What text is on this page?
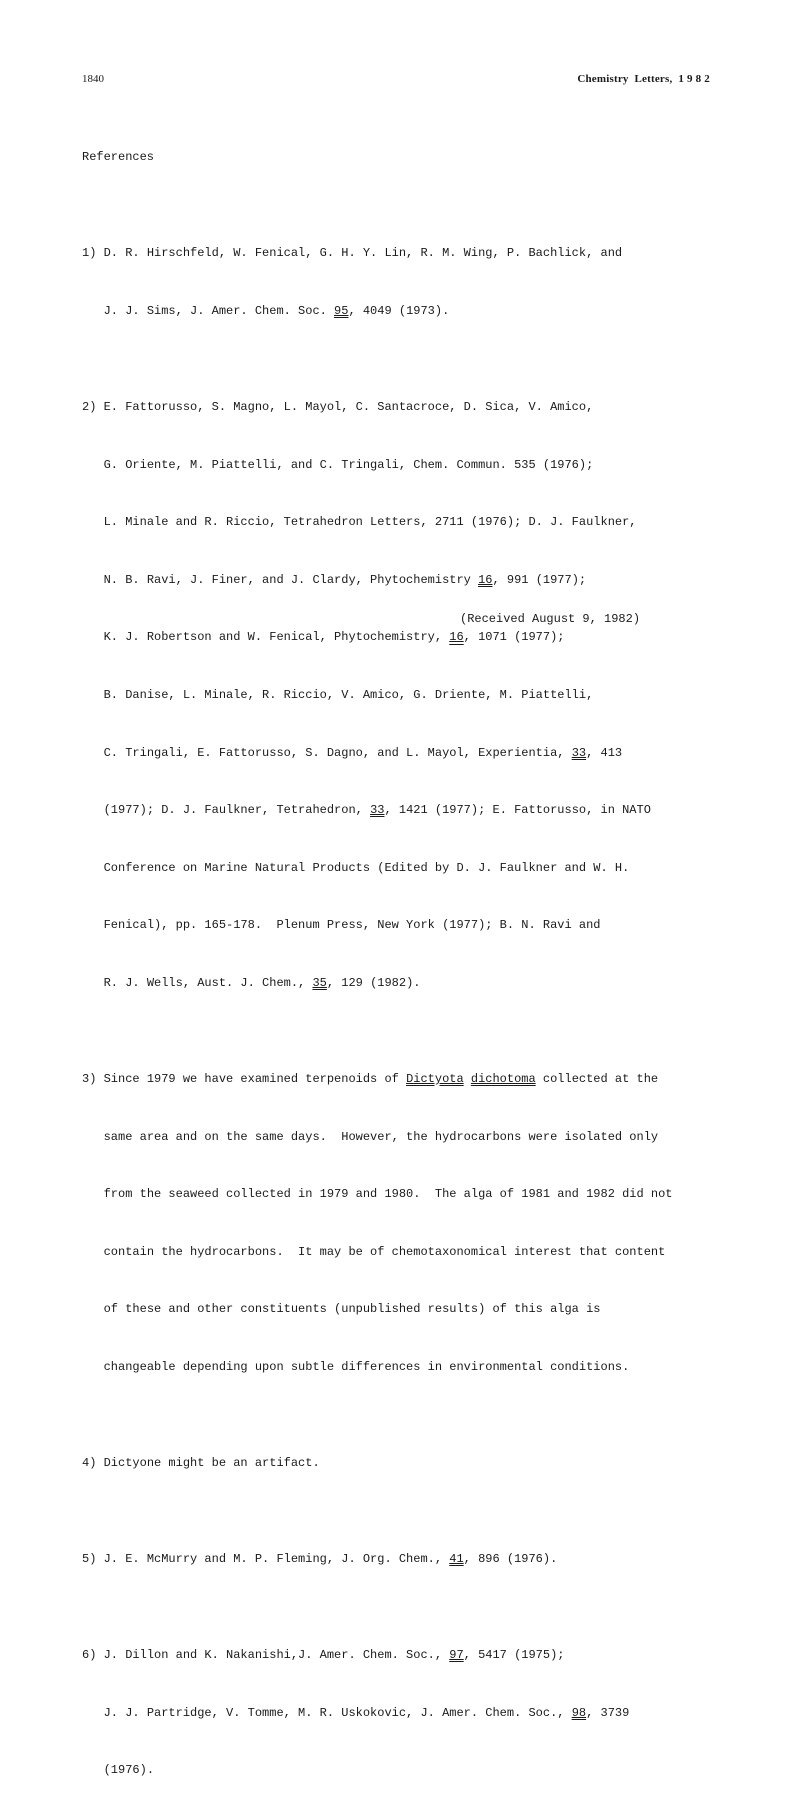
1840	Chemistry  Letters,  1 9 8 2

References

1) D. R. Hirschfeld, W. Fenical, G. H. Y. Lin, R. M. Wing, P. Bachlick, and

J. J. Sims, J. Amer. Chem. Soc. 95, 4049 (1973).

2) E. Fattorusso, S. Magno, L. Mayol, C. Santacroce, D. Sica, V. Amico,

G. Oriente, M. Piattelli, and C. Tringali, Chem. Commun. 535 (1976);

L. Minale and R. Riccio, Tetrahedron Letters, 2711 (1976); D. J. Faulkner,

N. B. Ravi, J. Finer, and J. Clardy, Phytochemistry 16, 991 (1977);

K. J. Robertson and W. Fenical, Phytochemistry, 16, 1071 (1977);

B. Danise, L. Minale, R. Riccio, V. Amico, G. Driente, M. Piattelli,

C. Tringali, E. Fattorusso, S. Dagno, and L. Mayol, Experientia, 33, 413

(1977); D. J. Faulkner, Tetrahedron, 33, 1421 (1977); E. Fattorusso, in NATO

Conference on Marine Natural Products (Edited by D. J. Faulkner and W. H.

Fenical), pp. 165-178.  Plenum Press, New York (1977); B. N. Ravi and

R. J. Wells, Aust. J. Chem., 35, 129 (1982).

3) Since 1979 we have examined terpenoids of Dictyota dichotoma collected at the

same area and on the same days.  However, the hydrocarbons were isolated only

from the seaweed collected in 1979 and 1980.  The alga of 1981 and 1982 did not

contain the hydrocarbons.  It may be of chemotaxonomical interest that content

of these and other constituents (unpublished results) of this alga is

changeable depending upon subtle differences in environmental conditions.

4) Dictyone might be an artifact.

5) J. E. McMurry and M. P. Fleming, J. Org. Chem., 41, 896 (1976).

6) J. Dillon and K. Nakanishi,J. Amer. Chem. Soc., 97, 5417 (1975);

J. J. Partridge, V. Tomme, M. R. Uskokovic, J. Amer. Chem. Soc., 98, 3739

(1976).

(Received August 9, 1982)
